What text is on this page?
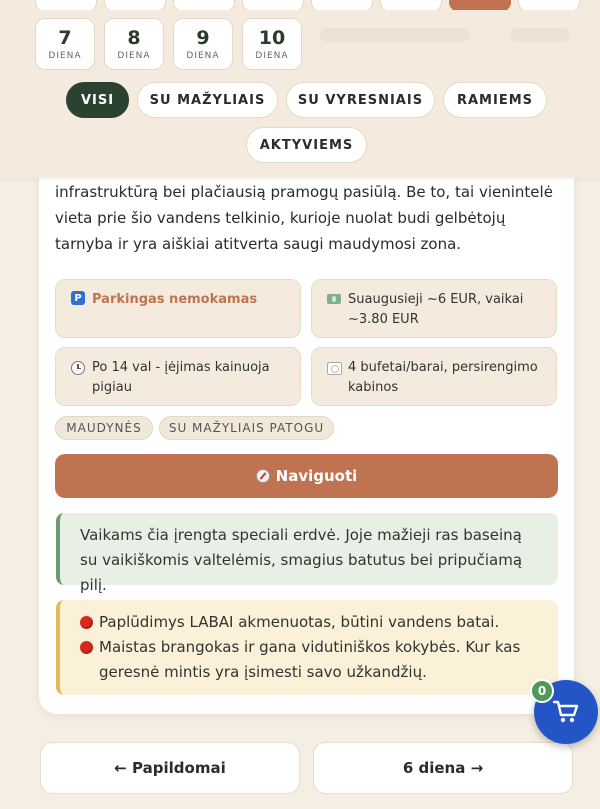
7
DIENA
8
DIENA
9
DIENA
10
DIENA
VISI	SU MAŽYLIAIS	SU VYRESNIAIS	RAMIEMS
AKTYVIEMS
infrastruktūrą bei plačiausią pramogų pasiūlą. Be to, tai vienintelė vieta prie šio vandens telkinio, kurioje nuolat budi gelbėtojų tarnyba ir yra aiškiai atitverta saugi maudymosi zona.
P Parkingas nemokamas	Suaugusieji ~6 EUR, vaikai ~3.80 EUR
Po 14 val - įėjimas kainuoja pigiau
4 bufetai/barai, persirengimo kabinos
MAUDYNĖS	SU MAŽYLIAIS PATOGU
Naviguoti
Vaikams čia įrengta speciali erdvė. Joje mažieji ras baseiną su vaikiškomis valtelėmis, smagius batutus bei pripučiamą pilį.
Paplūdimys LABAI akmenuotas, būtini vandens batai.
Maistas brangokas ir gana vidutiniškos kokybės. Kur kas geresnė mintis yra įsimesti savo užkandžių.
← Papildomai	6 diena →
0
